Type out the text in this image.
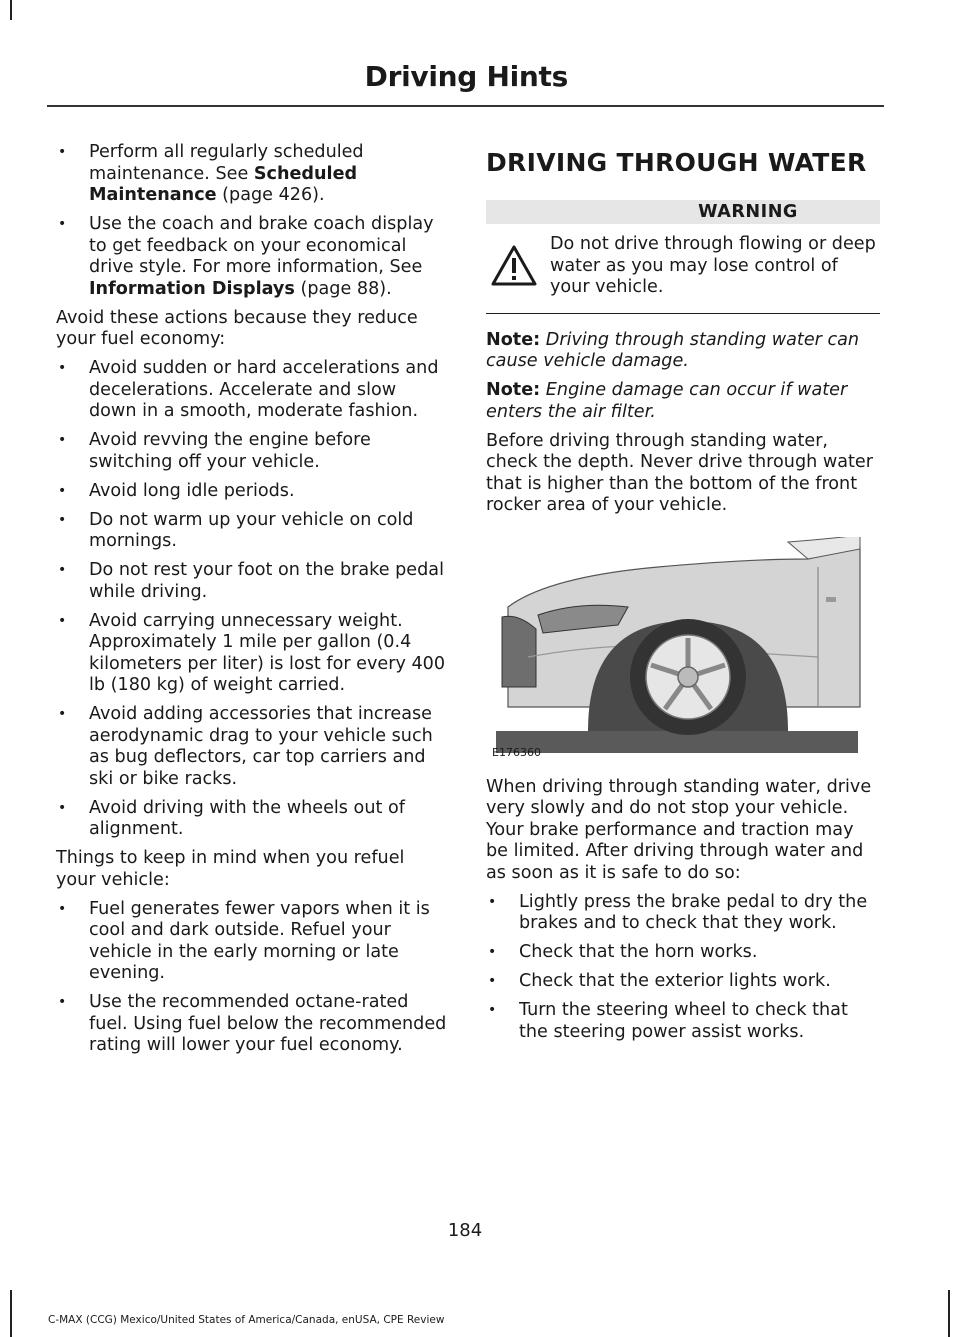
Driving Hints
• Perform all regularly scheduled maintenance. See Scheduled Maintenance (page 426).
• Use the coach and brake coach display to get feedback on your economical drive style. For more information, See Information Displays (page 88).

Avoid these actions because they reduce your fuel economy:

• Avoid sudden or hard accelerations and decelerations. Accelerate and slow down in a smooth, moderate fashion.
• Avoid revving the engine before switching off your vehicle.
• Avoid long idle periods.
• Do not warm up your vehicle on cold mornings.
• Do not rest your foot on the brake pedal while driving.
• Avoid carrying unnecessary weight. Approximately 1 mile per gallon (0.4 kilometers per liter) is lost for every 400 lb (180 kg) of weight carried.
• Avoid adding accessories that increase aerodynamic drag to your vehicle such as bug deflectors, car top carriers and ski or bike racks.
• Avoid driving with the wheels out of alignment.

Things to keep in mind when you refuel your vehicle:

• Fuel generates fewer vapors when it is cool and dark outside. Refuel your vehicle in the early morning or late evening.
• Use the recommended octane-rated fuel. Using fuel below the recommended rating will lower your fuel economy.
DRIVING THROUGH WATER
WARNING
Do not drive through flowing or deep water as you may lose control of your vehicle.

Note: Driving through standing water can cause vehicle damage.

Note: Engine damage can occur if water enters the air filter.

Before driving through standing water, check the depth. Never drive through water that is higher than the bottom of the front rocker area of your vehicle.

E176360

When driving through standing water, drive very slowly and do not stop your vehicle. Your brake performance and traction may be limited. After driving through water and as soon as it is safe to do so:

• Lightly press the brake pedal to dry the brakes and to check that they work.
• Check that the horn works.
• Check that the exterior lights work.
• Turn the steering wheel to check that the steering power assist works.
184
C-MAX (CCG) Mexico/United States of America/Canada, enUSA, CPE Review
